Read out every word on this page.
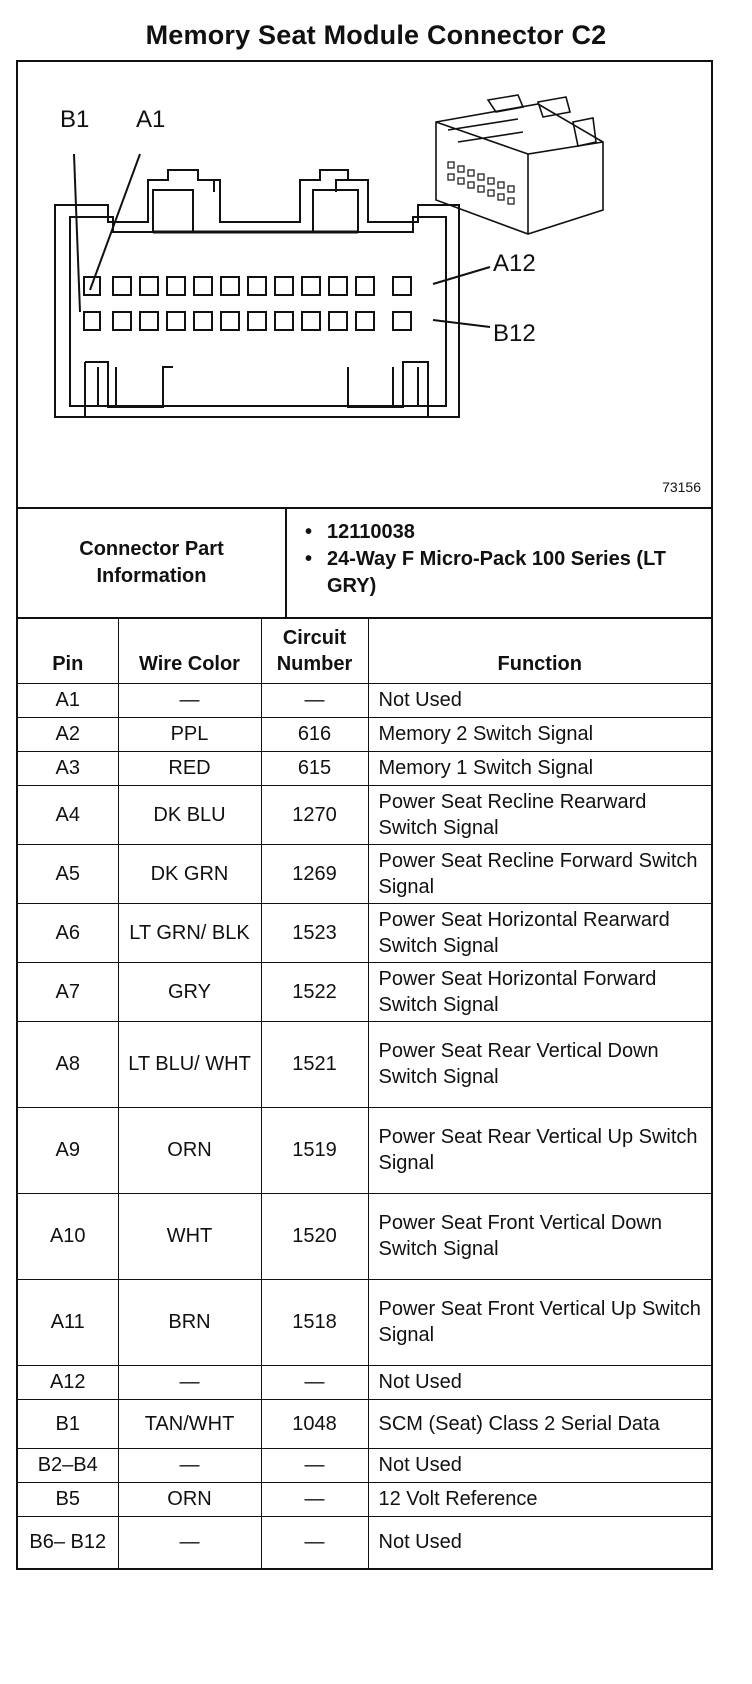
Memory Seat Module Connector C2
B1 A1
A12
B12
73156
Connector Part Information
• 12110038
• 24-Way F Micro-Pack 100 Series (LT GRY)
Pin	Wire Color	Circuit Number	Function
A1	—	—	Not Used
A2	PPL	616	Memory 2 Switch Signal
A3	RED	615	Memory 1 Switch Signal
A4	DK BLU	1270	Power Seat Recline Rearward Switch Signal
A5	DK GRN	1269	Power Seat Recline Forward Switch Signal
A6	LT GRN/ BLK	1523	Power Seat Horizontal Rearward Switch Signal
A7	GRY	1522	Power Seat Horizontal Forward Switch Signal
A8	LT BLU/ WHT	1521	Power Seat Rear Vertical Down Switch Signal
A9	ORN	1519	Power Seat Rear Vertical Up Switch Signal
A10	WHT	1520	Power Seat Front Vertical Down Switch Signal
A11	BRN	1518	Power Seat Front Vertical Up Switch Signal
A12	—	—	Not Used
B1	TAN/WHT	1048	SCM (Seat) Class 2 Serial Data
B2–B4	—	—	Not Used
B5	ORN	—	12 Volt Reference
B6– B12	—	—	Not Used
